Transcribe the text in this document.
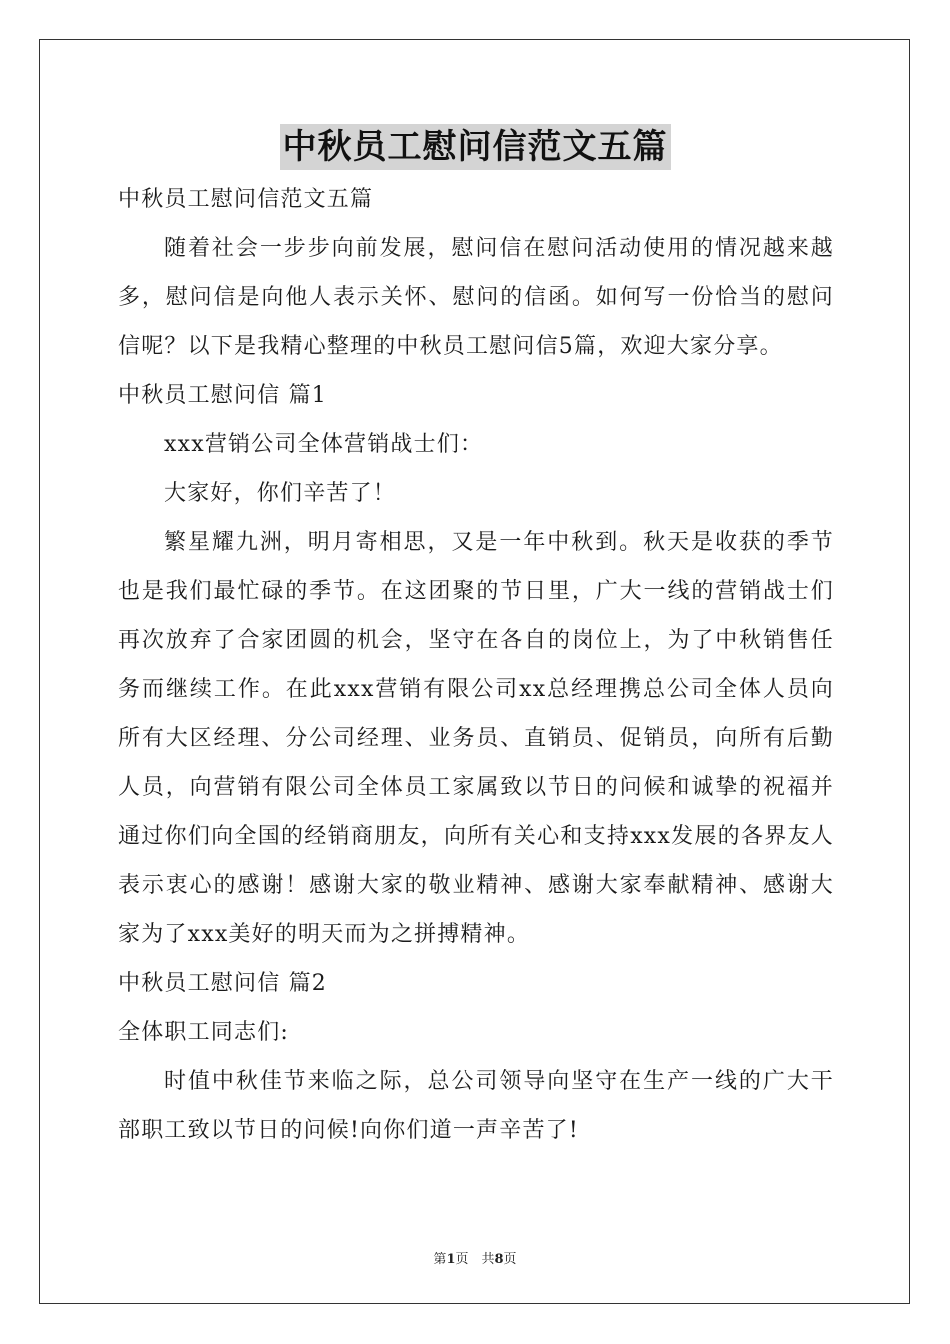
中秋员工慰问信范文五篇

中秋员工慰问信范文五篇

随着社会一步步向前发展，慰问信在慰问活动使用的情况越来越多，慰问信是向他人表示关怀、慰问的信函。如何写一份恰当的慰问信呢？以下是我精心整理的中秋员工慰问信5篇，欢迎大家分享。

中秋员工慰问信 篇1

xxx营销公司全体营销战士们：

大家好，你们辛苦了！

繁星耀九洲，明月寄相思，又是一年中秋到。秋天是收获的季节也是我们最忙碌的季节。在这团聚的节日里，广大一线的营销战士们再次放弃了合家团圆的机会，坚守在各自的岗位上，为了中秋销售任务而继续工作。在此xxx营销有限公司xx总经理携总公司全体人员向所有大区经理、分公司经理、业务员、直销员、促销员，向所有后勤人员，向营销有限公司全体员工家属致以节日的问候和诚挚的祝福并通过你们向全国的经销商朋友，向所有关心和支持xxx发展的各界友人表示衷心的感谢！感谢大家的敬业精神、感谢大家奉献精神、感谢大家为了xxx美好的明天而为之拼搏精神。

中秋员工慰问信 篇2

全体职工同志们:

时值中秋佳节来临之际，总公司领导向坚守在生产一线的广大干部职工致以节日的问候!向你们道一声辛苦了!

第1页　共8页
